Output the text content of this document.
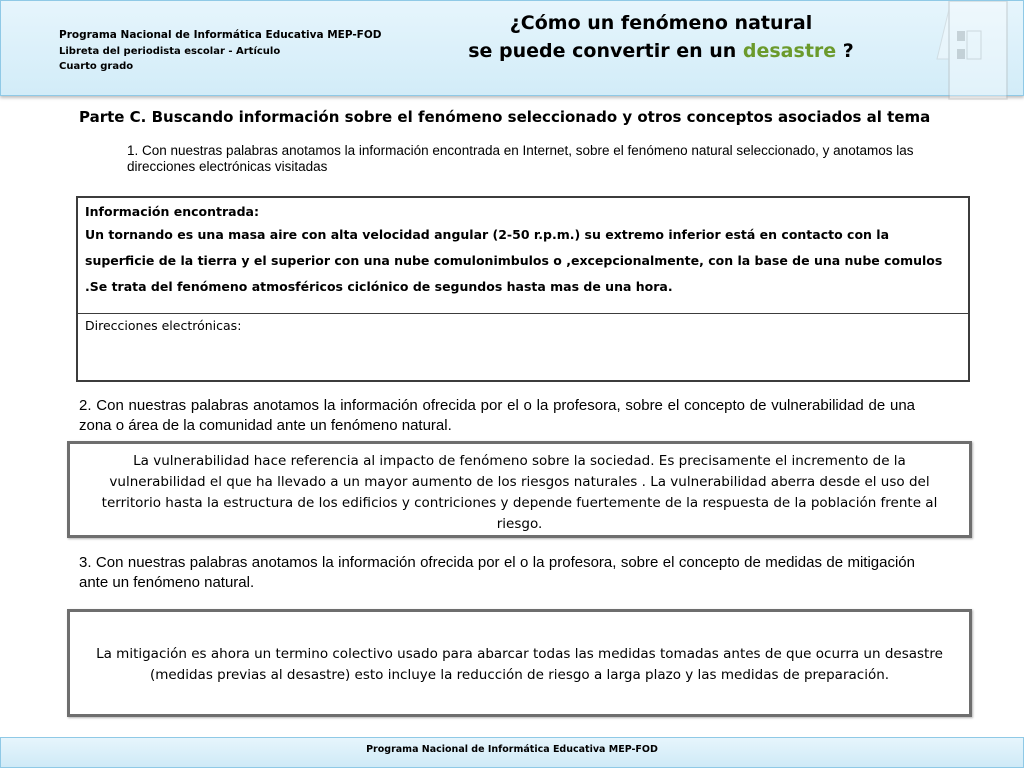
Programa Nacional de Informática Educativa MEP-FOD
Libreta del periodista escolar - Artículo
Cuarto grado
¿Cómo un fenómeno natural
se puede convertir en un desastre ?
Parte C. Buscando información sobre el fenómeno seleccionado y otros conceptos asociados al tema
1. Con nuestras palabras anotamos la información encontrada en Internet, sobre el fenómeno natural seleccionado, y anotamos las direcciones electrónicas visitadas
Información encontrada:
Un tornando es una masa aire con alta velocidad angular (2-50 r.p.m.) su extremo inferior está en contacto con la superficie de la tierra y el superior con una nube comulonimbulos o ,excepcionalmente, con la base de una nube comulos .Se trata del fenómeno atmosféricos ciclónico de segundos hasta mas de una hora.
Direcciones electrónicas:
2. Con nuestras palabras anotamos la información ofrecida por el o la profesora, sobre el concepto de vulnerabilidad de una zona o área de la comunidad ante un fenómeno natural.
La vulnerabilidad hace referencia al impacto de fenómeno sobre la sociedad. Es precisamente el incremento de la vulnerabilidad el que ha llevado a un mayor aumento de los riesgos naturales . La vulnerabilidad aberra desde el uso del territorio hasta la estructura de los edificios y contriciones y depende fuertemente de la respuesta de la población frente al riesgo.
3. Con nuestras palabras anotamos la información ofrecida por el o la profesora, sobre el concepto de medidas de mitigación ante un fenómeno natural.
La mitigación es ahora un termino colectivo usado para abarcar todas las medidas tomadas antes de que ocurra un desastre (medidas previas al desastre) esto incluye la reducción de riesgo a larga plazo y las medidas de preparación.
Programa Nacional de Informática Educativa MEP-FOD
